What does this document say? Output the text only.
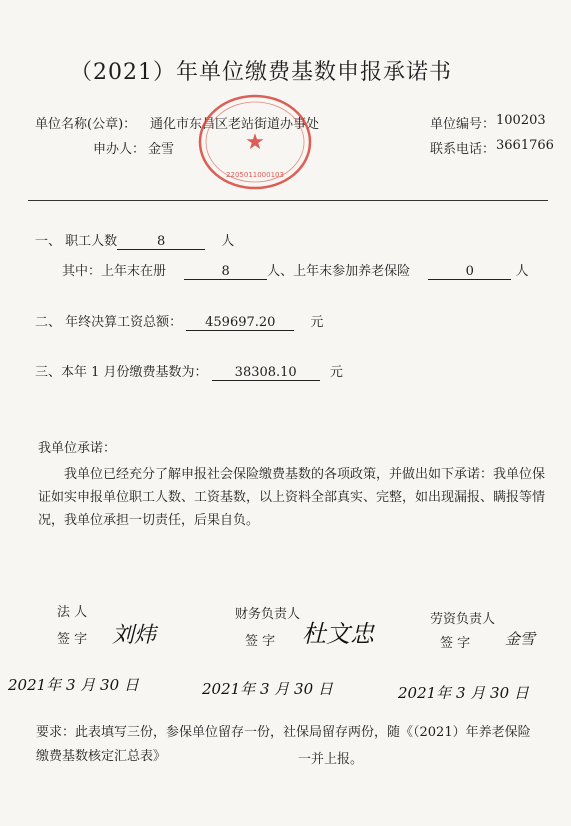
（2021）年单位缴费基数申报承诺书
单位名称(公章)： 通化市东昌区老站街道办事处	单位编号： 100203
申办人： 金雪	联系电话： 3661766
★
2205011000103
一、 职工人数	8	人
其中：上年末在册	8	人、上年末参加养老保险	0	人
二、 年终决算工资总额： 459697.20	元
三、本年 1 月份缴费基数为： 38308.10	元
我单位承诺：
我单位已经充分了解申报社会保险缴费基数的各项政策，并做出如下承诺：我单位保证如实申报单位职工人数、工资基数，以上资料全部真实、完整，如出现漏报、瞒报等情况，我单位承担一切责任，后果自负。
法 人
签 字 刘炜
财务负责人
签 字 杜文忠
劳资负责人
签 字 金雪
2021年 3 月 30 日	2021年 3 月 30 日	2021年 3 月 30 日
要求：此表填写三份，参保单位留存一份，社保局留存两份，随《（2021）年养老保险
缴费基数核定汇总表》	一并上报。
